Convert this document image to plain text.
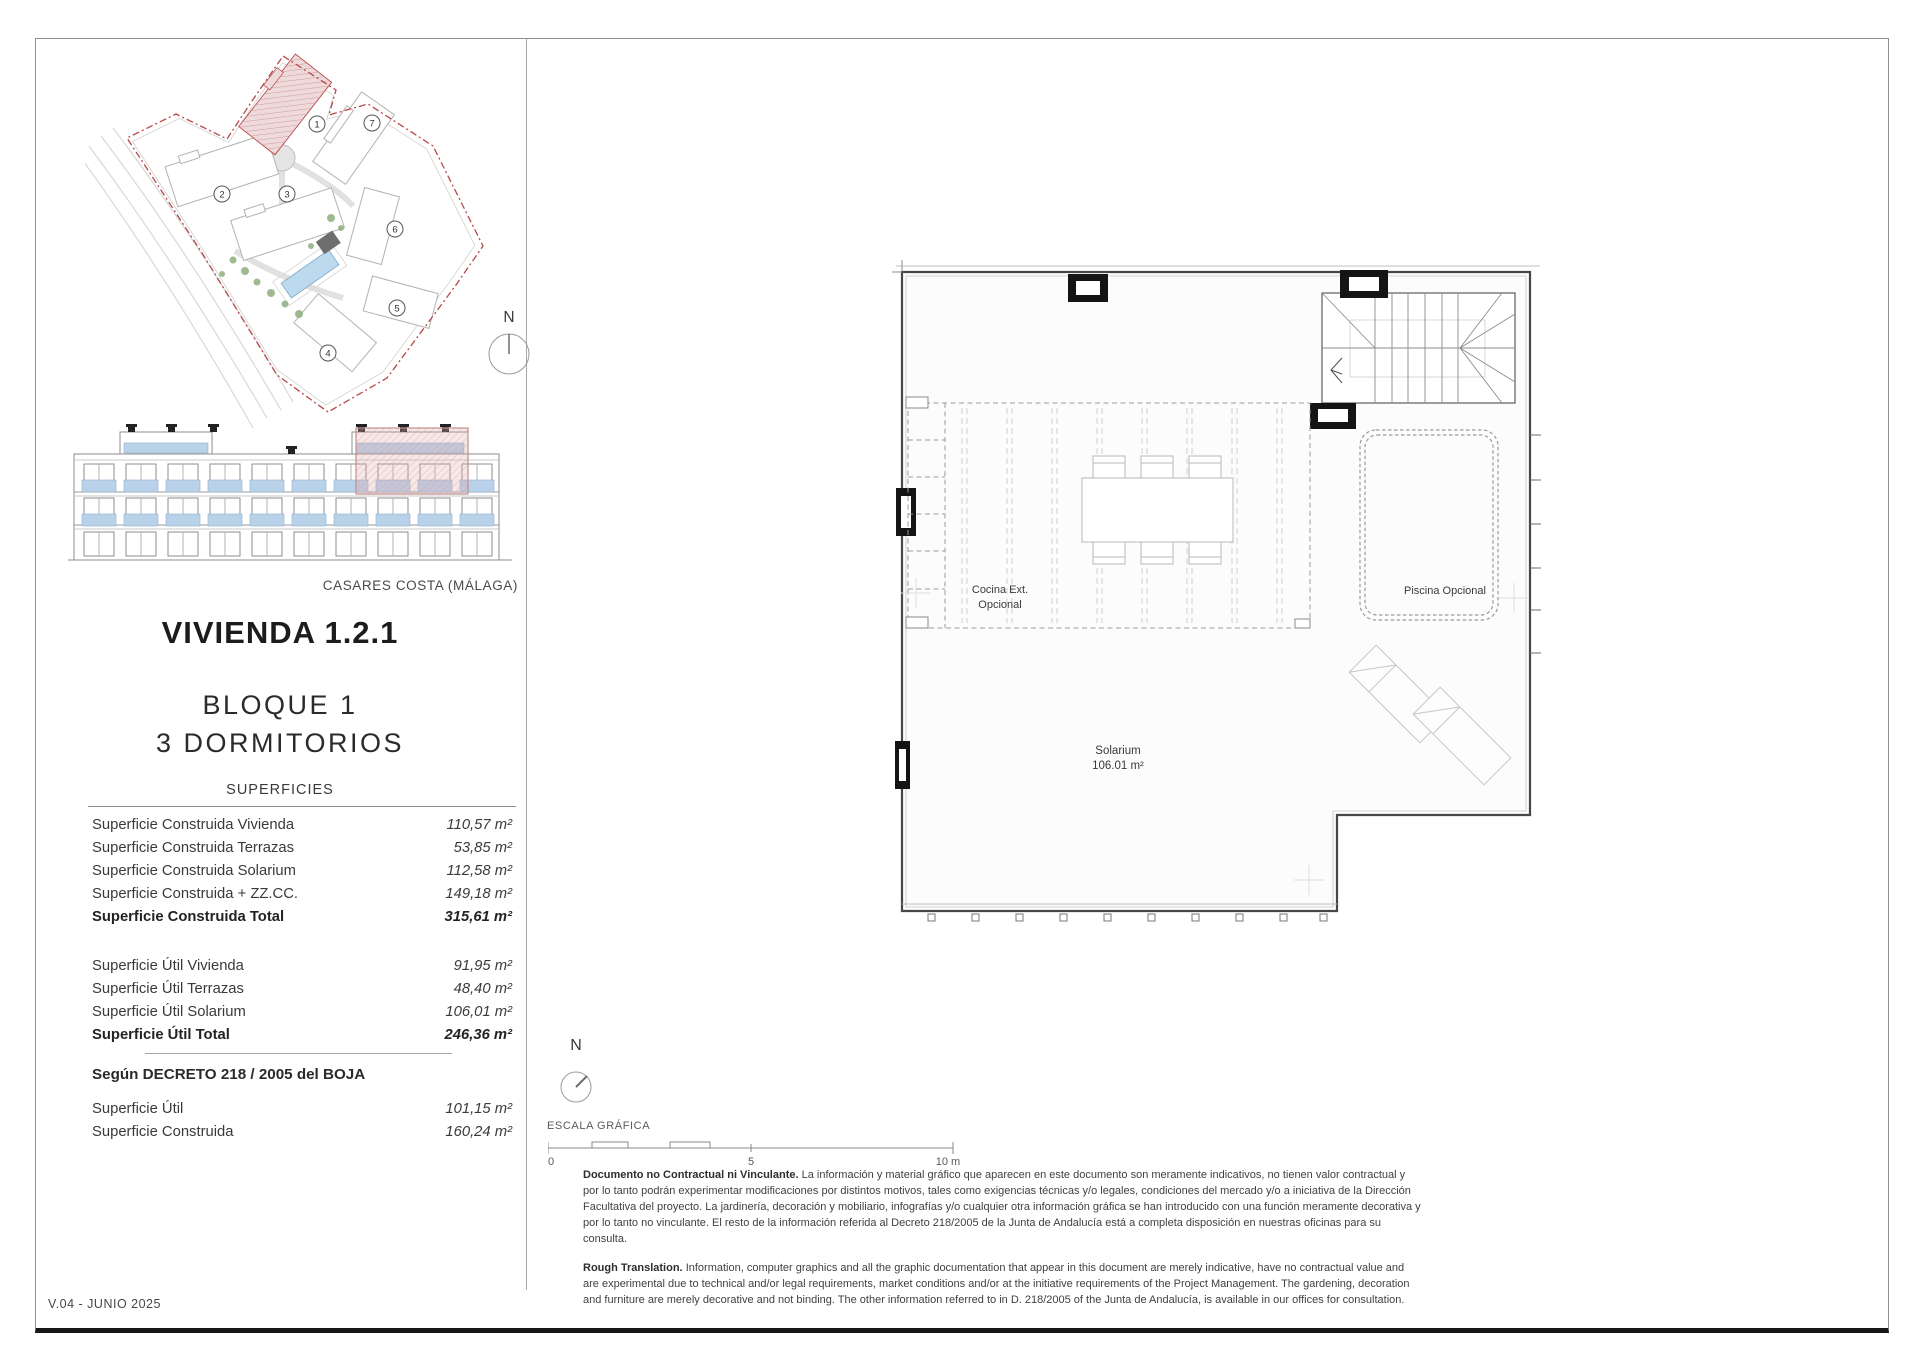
1
2	3
4
5
6
7
N
CASARES COSTA (MÁLAGA)
VIVIENDA 1.2.1
BLOQUE 1
3 DORMITORIOS
SUPERFICIES
Superficie Construida Vivienda	110,57 m²
Superficie Construida Terrazas	53,85 m²
Superficie Construida Solarium	112,58 m²
Superficie Construida + ZZ.CC.	149,18 m²
Superficie Construida Total	315,61 m²
Superficie Útil Vivienda	91,95 m²
Superficie Útil Terrazas	48,40 m²
Superficie Útil Solarium	106,01 m²
Superficie Útil Total	246,36 m²
Según DECRETO 218 / 2005 del BOJA
Superficie Útil	101,15 m²
Superficie Construida	160,24 m²
V.04 - JUNIO 2025
Cocina Ext.
Opcional
Piscina Opcional
Solarium
106.01 m²
N
ESCALA GRÁFICA
0	5	10 m

Documento no Contractual ni Vinculante. La información y material gráfico que aparecen en este documento son meramente indicativos, no tienen valor contractual y por lo tanto podrán experimentar modificaciones por distintos motivos, tales como exigencias técnicas y/o legales, condiciones del mercado y/o a iniciativa de la Dirección Facultativa del proyecto. La jardinería, decoración y mobiliario, infografías y/o cualquier otra información gráfica se han introducido con una función meramente decorativa y por lo tanto no vinculante. El resto de la información referida al Decreto 218/2005 de la Junta de Andalucía está a completa disposición en nuestras oficinas para su consulta.

Rough Translation. Information, computer graphics and all the graphic documentation that appear in this document are merely indicative, have no contractual value and are experimental due to technical and/or legal requirements, market conditions and/or at the initiative requirements of the Project Management. The gardening, decoration and furniture are merely decorative and not binding. The other information referred to in D. 218/2005 of the Junta de Andalucía, is available in our offices for consultation.
